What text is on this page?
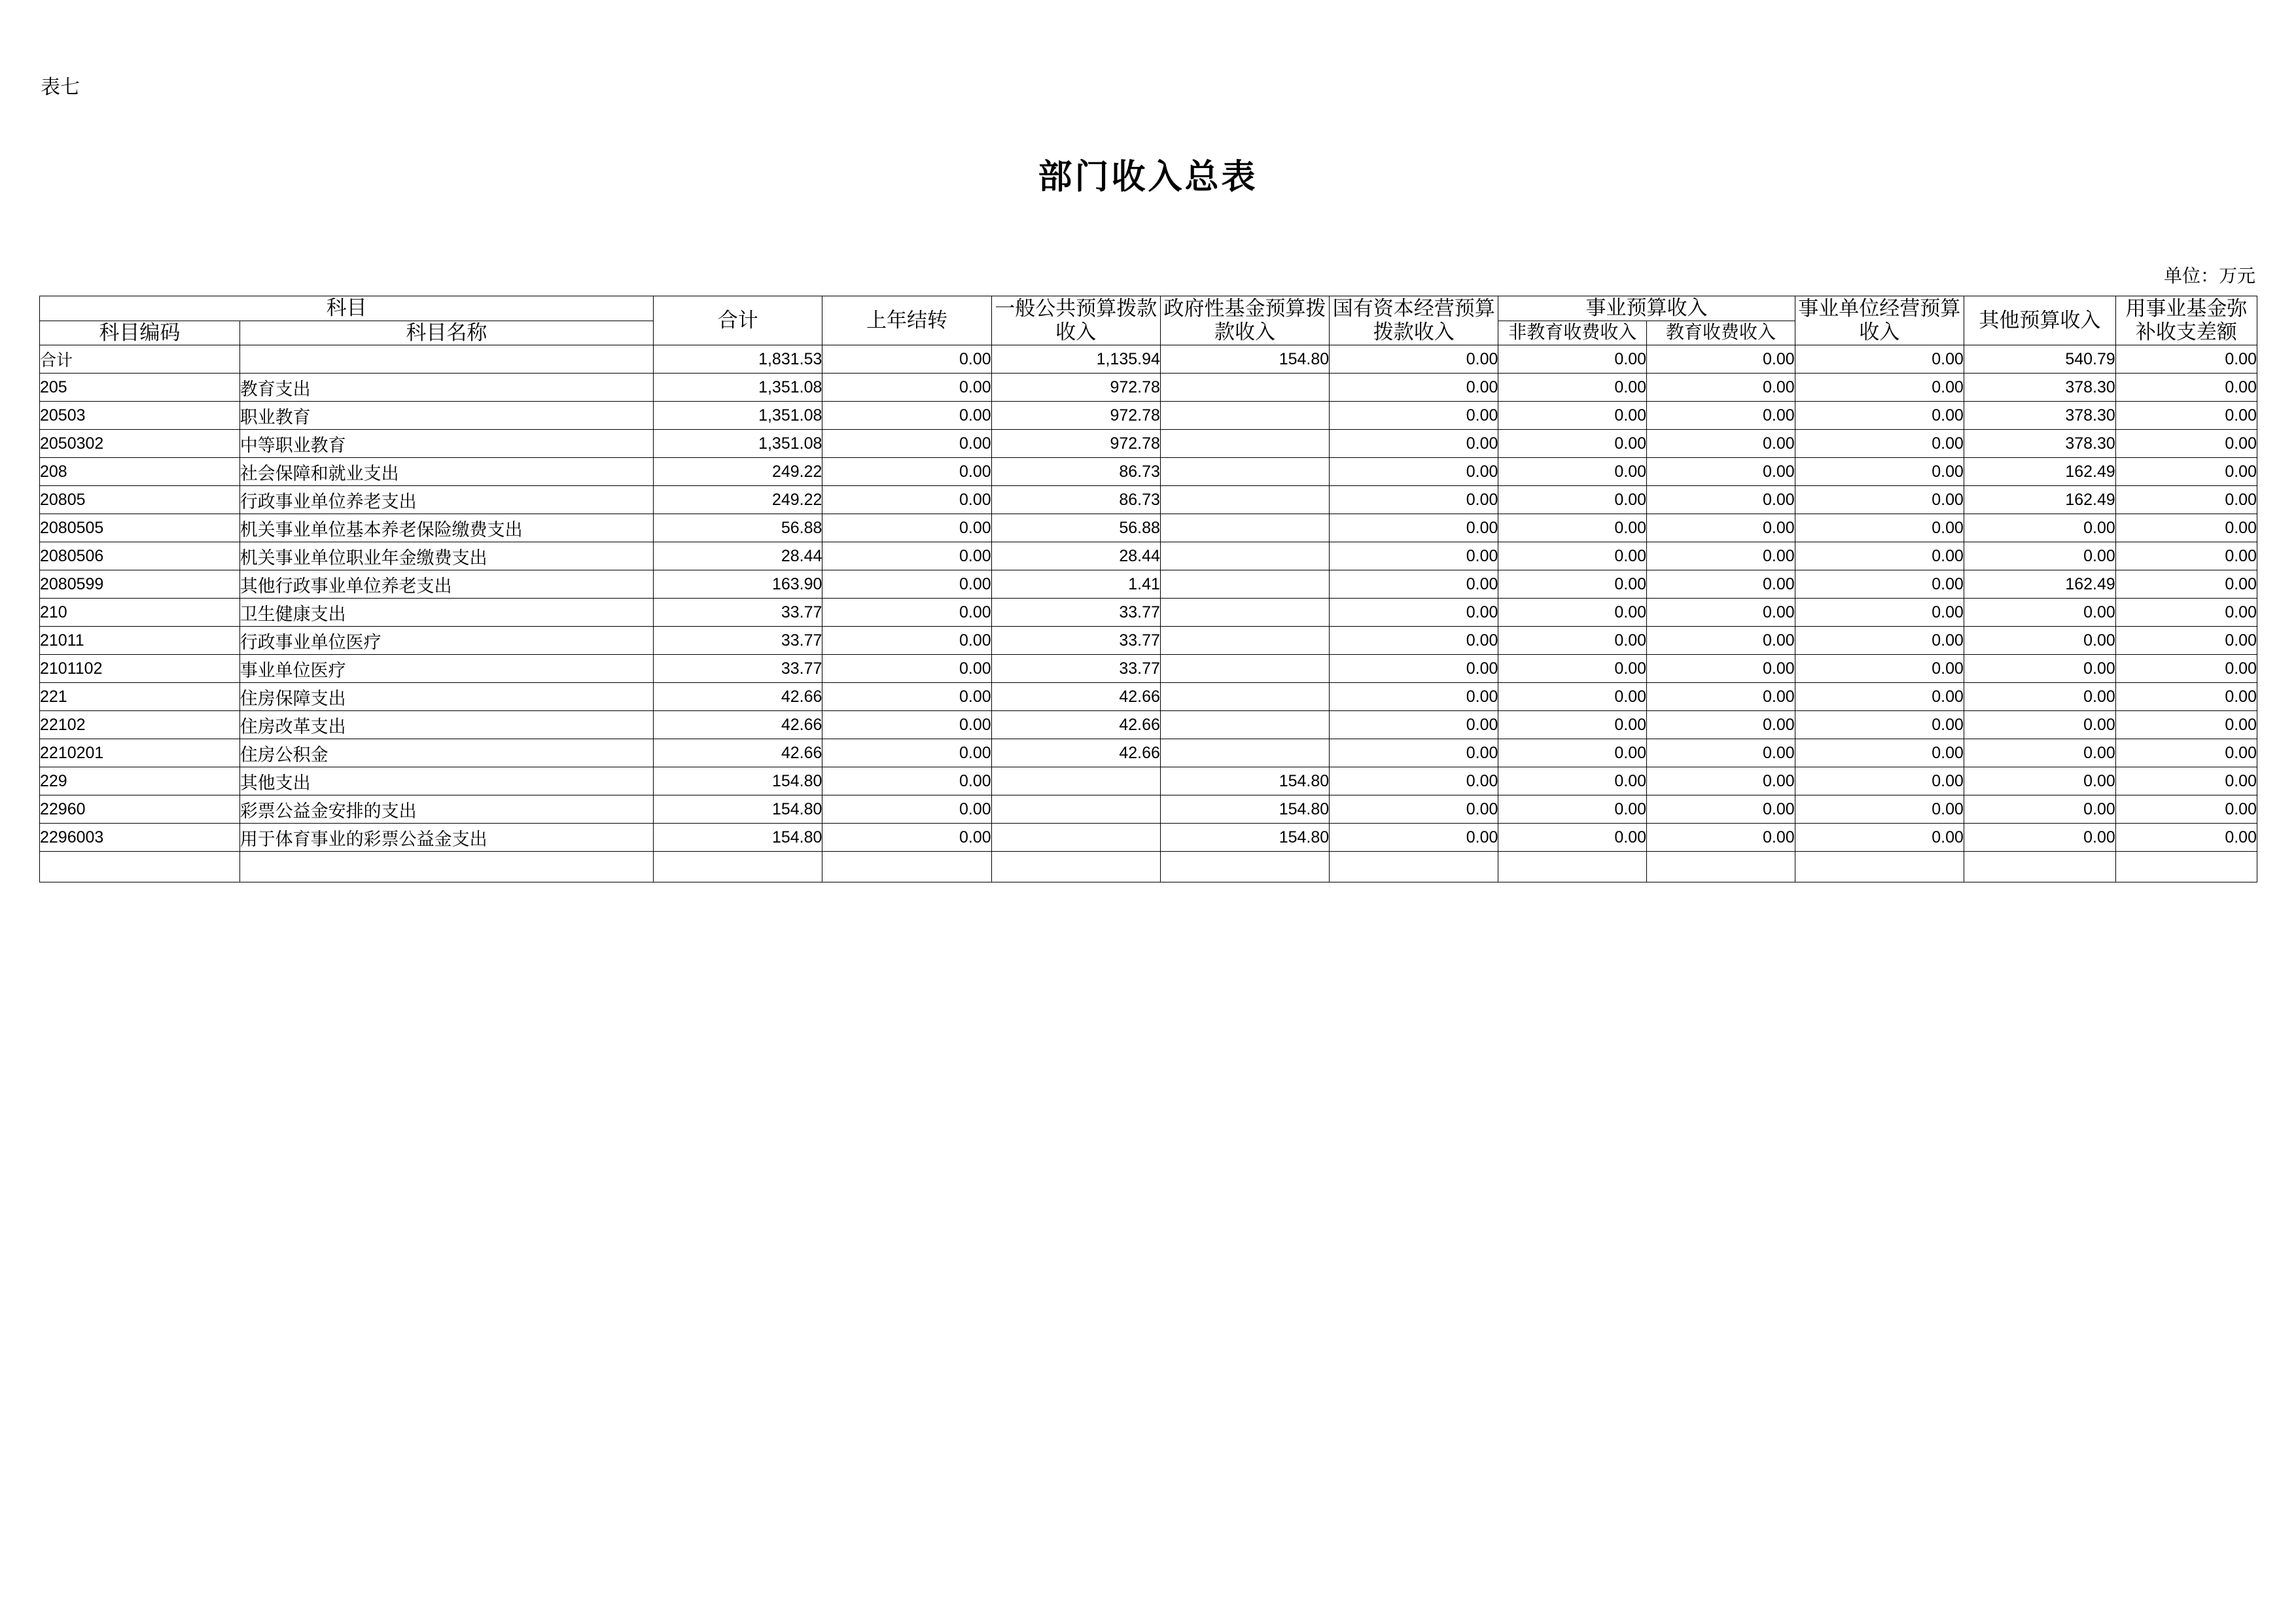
表七
部门收入总表
单位：万元
科目		合计	上年结转	一般公共预算拨款收入	政府性基金预算拨款收入	国有资本经营预算拨款收入	事业预算收入		事业单位经营预算收入	其他预算收入	用事业基金弥补收支差额
科目编码	科目名称						非教育收费收入	教育收费收入			
合计		1,831.53	0.00	1,135.94	154.80	0.00	0.00	0.00	0.00	540.79	0.00
205	教育支出	1,351.08	0.00	972.78		0.00	0.00	0.00	0.00	378.30	0.00
20503	职业教育	1,351.08	0.00	972.78		0.00	0.00	0.00	0.00	378.30	0.00
2050302	中等职业教育	1,351.08	0.00	972.78		0.00	0.00	0.00	0.00	378.30	0.00
208	社会保障和就业支出	249.22	0.00	86.73		0.00	0.00	0.00	0.00	162.49	0.00
20805	行政事业单位养老支出	249.22	0.00	86.73		0.00	0.00	0.00	0.00	162.49	0.00
2080505	机关事业单位基本养老保险缴费支出	56.88	0.00	56.88		0.00	0.00	0.00	0.00	0.00	0.00
2080506	机关事业单位职业年金缴费支出	28.44	0.00	28.44		0.00	0.00	0.00	0.00	0.00	0.00
2080599	其他行政事业单位养老支出	163.90	0.00	1.41		0.00	0.00	0.00	0.00	162.49	0.00
210	卫生健康支出	33.77	0.00	33.77		0.00	0.00	0.00	0.00	0.00	0.00
21011	行政事业单位医疗	33.77	0.00	33.77		0.00	0.00	0.00	0.00	0.00	0.00
2101102	事业单位医疗	33.77	0.00	33.77		0.00	0.00	0.00	0.00	0.00	0.00
221	住房保障支出	42.66	0.00	42.66		0.00	0.00	0.00	0.00	0.00	0.00
22102	住房改革支出	42.66	0.00	42.66		0.00	0.00	0.00	0.00	0.00	0.00
2210201	住房公积金	42.66	0.00	42.66		0.00	0.00	0.00	0.00	0.00	0.00
229	其他支出	154.80	0.00		154.80	0.00	0.00	0.00	0.00	0.00	0.00
22960	彩票公益金安排的支出	154.80	0.00		154.80	0.00	0.00	0.00	0.00	0.00	0.00
2296003	用于体育事业的彩票公益金支出	154.80	0.00		154.80	0.00	0.00	0.00	0.00	0.00	0.00
